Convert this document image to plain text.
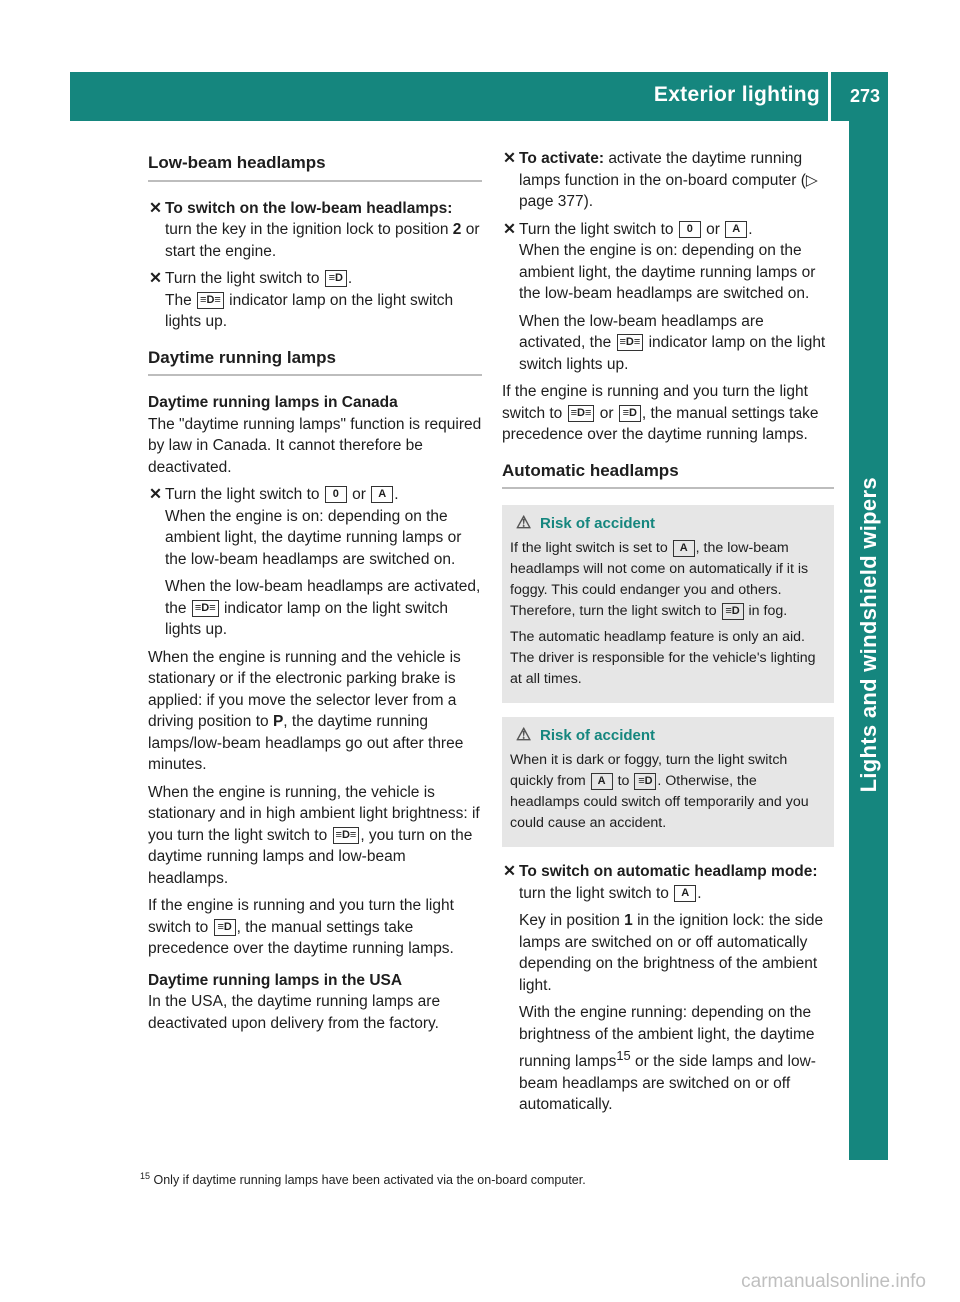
Exterior lighting 273
Lights and windshield wipers
Low-beam headlamps
✕ To switch on the low-beam headlamps: turn the key in the ignition lock to position 2 or start the engine.
✕ Turn the light switch to ≡D .
The ≡D≡ indicator lamp on the light switch lights up.
Daytime running lamps
Daytime running lamps in Canada

The "daytime running lamps" function is required by law in Canada. It cannot therefore be deactivated.

✕ Turn the light switch to 0 or A .
When the engine is on: depending on the ambient light, the daytime running lamps or the low-beam headlamps are switched on.
When the low-beam headlamps are activated, the ≡D≡ indicator lamp on the light switch lights up.

When the engine is running and the vehicle is stationary or if the electronic parking brake is applied: if you move the selector lever from a driving position to P, the daytime running lamps/low-beam headlamps go out after three minutes.

When the engine is running, the vehicle is stationary and in high ambient light brightness: if you turn the light switch to ≡D≡ , you turn on the daytime running lamps and low-beam headlamps.

If the engine is running and you turn the light switch to ≡D , the manual settings take precedence over the daytime running lamps.

Daytime running lamps in the USA

In the USA, the daytime running lamps are deactivated upon delivery from the factory.

✕ To activate: activate the daytime running lamps function in the on-board computer (▷ page 377).
✕ Turn the light switch to 0 or A .
When the engine is on: depending on the ambient light, the daytime running lamps or the low-beam headlamps are switched on.
When the low-beam headlamps are activated, the ≡D≡ indicator lamp on the light switch lights up.

If the engine is running and you turn the light switch to ≡D≡ or ≡D , the manual settings take precedence over the daytime running lamps.

Automatic headlamps
⚠ Risk of accident

If the light switch is set to A , the low-beam headlamps will not come on automatically if it is foggy. This could endanger you and others. Therefore, turn the light switch to ≡D in fog.

The automatic headlamp feature is only an aid. The driver is responsible for the vehicle's lighting at all times.

⚠ Risk of accident

When it is dark or foggy, turn the light switch quickly from A to ≡D . Otherwise, the headlamps could switch off temporarily and you could cause an accident.

✕ To switch on automatic headlamp mode: turn the light switch to A .
Key in position 1 in the ignition lock: the side lamps are switched on or off automatically depending on the brightness of the ambient light.
With the engine running: depending on the brightness of the ambient light, the daytime running lamps$^{15}$ or the side lamps and low-beam headlamps are switched on or off automatically.
$^{15}$ Only if daytime running lamps have been activated via the on-board computer.
carmanualsonline.info
